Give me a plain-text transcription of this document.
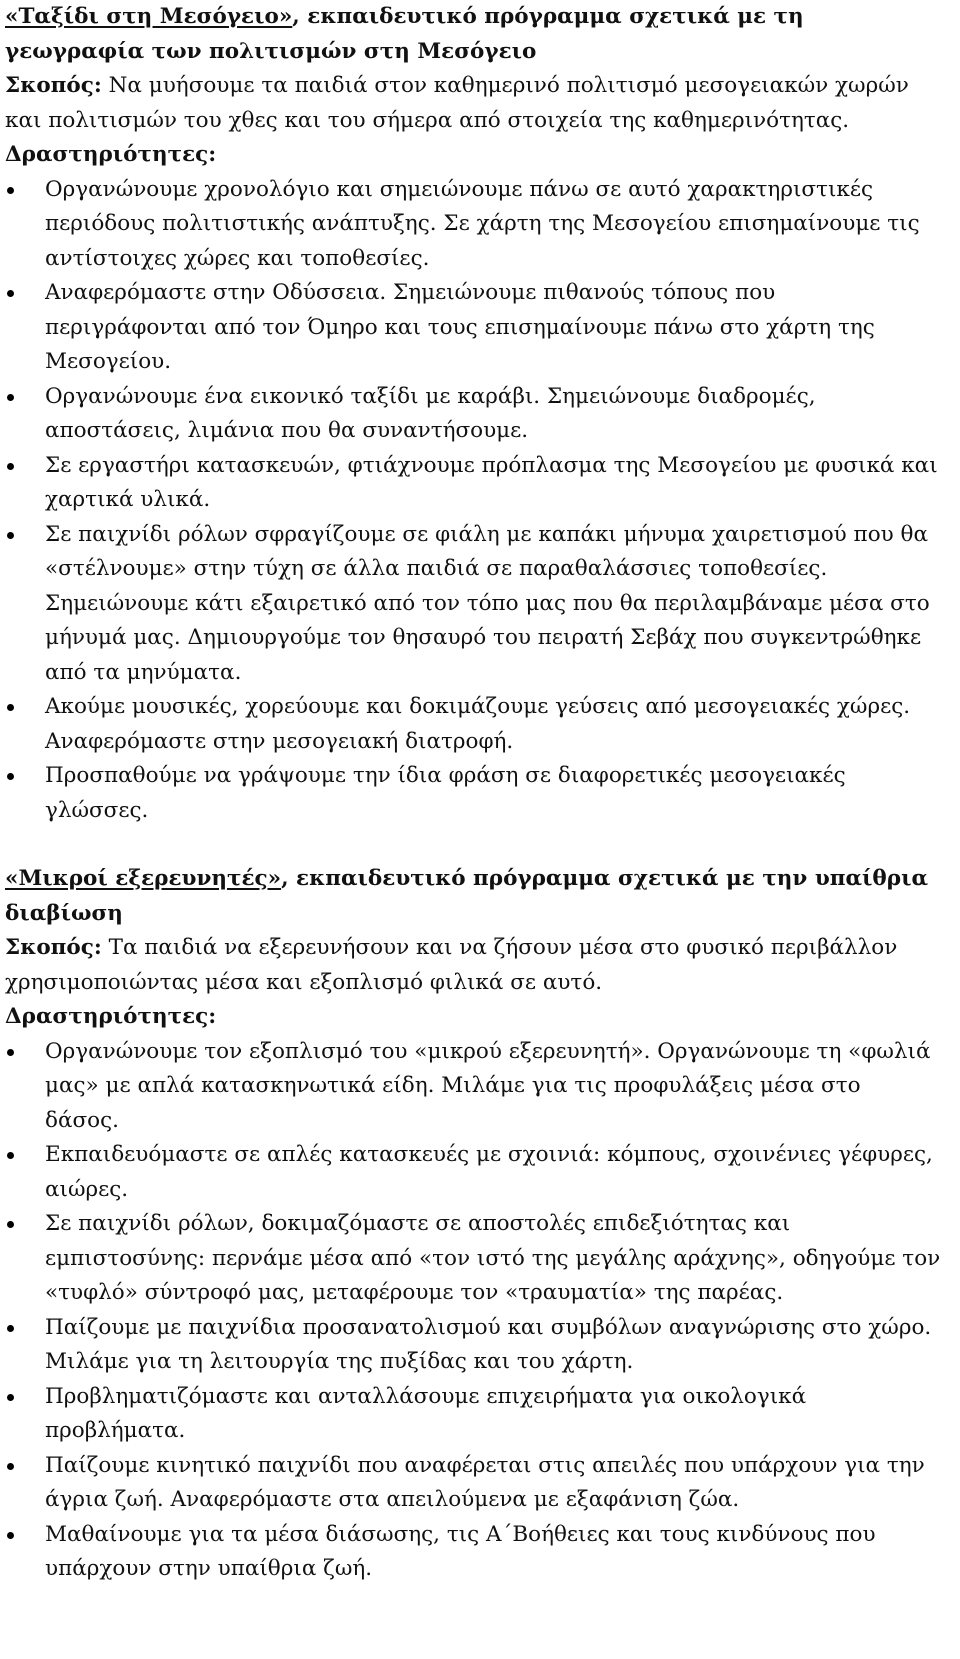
«Ταξίδι στη Μεσόγειο», εκπαιδευτικό πρόγραμμα σχετικά με τη γεωγραφία των πολιτισμών στη Μεσόγειο

Σκοπός: Να μυήσουμε τα παιδιά στον καθημερινό πολιτισμό μεσογειακών χωρών και πολιτισμών του χθες και του σήμερα από στοιχεία της καθημερινότητας.

Δραστηριότητες:

Οργανώνουμε χρονολόγιο και σημειώνουμε πάνω σε αυτό χαρακτηριστικές περιόδους πολιτιστικής ανάπτυξης. Σε χάρτη της Μεσογείου επισημαίνουμε τις αντίστοιχες χώρες και τοποθεσίες.
Αναφερόμαστε στην Οδύσσεια. Σημειώνουμε πιθανούς τόπους που περιγράφονται από τον Όμηρο και τους επισημαίνουμε πάνω στο χάρτη της Μεσογείου.
Οργανώνουμε ένα εικονικό ταξίδι με καράβι. Σημειώνουμε διαδρομές, αποστάσεις, λιμάνια που θα συναντήσουμε.
Σε εργαστήρι κατασκευών, φτιάχνουμε πρόπλασμα της Μεσογείου με φυσικά και χαρτικά υλικά.
Σε παιχνίδι ρόλων σφραγίζουμε σε φιάλη με καπάκι μήνυμα χαιρετισμού που θα «στέλνουμε» στην τύχη σε άλλα παιδιά σε παραθαλάσσιες τοποθεσίες. Σημειώνουμε κάτι εξαιρετικό από τον τόπο μας που θα περιλαμβάναμε μέσα στο μήνυμά μας. Δημιουργούμε τον θησαυρό του πειρατή Σεβάχ που συγκεντρώθηκε από τα μηνύματα.
Ακούμε μουσικές, χορεύουμε και δοκιμάζουμε γεύσεις από μεσογειακές χώρες. Αναφερόμαστε στην μεσογειακή διατροφή.
Προσπαθούμε να γράψουμε την ίδια φράση σε διαφορετικές μεσογειακές γλώσσες.

«Μικροί εξερευνητές», εκπαιδευτικό πρόγραμμα σχετικά με την υπαίθρια διαβίωση

Σκοπός: Τα παιδιά να εξερευνήσουν και να ζήσουν μέσα στο φυσικό περιβάλλον χρησιμοποιώντας μέσα και εξοπλισμό φιλικά σε αυτό.

Δραστηριότητες:

Οργανώνουμε τον εξοπλισμό του «μικρού εξερευνητή». Οργανώνουμε τη «φωλιά μας» με απλά κατασκηνωτικά είδη. Μιλάμε για τις προφυλάξεις μέσα στο δάσος.
Εκπαιδευόμαστε σε απλές κατασκευές με σχοινιά: κόμπους, σχοινένιες γέφυρες, αιώρες.
Σε παιχνίδι ρόλων, δοκιμαζόμαστε σε αποστολές επιδεξιότητας και εμπιστοσύνης: περνάμε μέσα από «τον ιστό της μεγάλης αράχνης», οδηγούμε τον «τυφλό» σύντροφό μας, μεταφέρουμε τον «τραυματία» της παρέας.
Παίζουμε με παιχνίδια προσανατολισμού και συμβόλων αναγνώρισης στο χώρο. Μιλάμε για τη λειτουργία της πυξίδας και του χάρτη.
Προβληματιζόμαστε και ανταλλάσουμε επιχειρήματα για οικολογικά προβλήματα.
Παίζουμε κινητικό παιχνίδι που αναφέρεται στις απειλές που υπάρχουν για την άγρια ζωή. Αναφερόμαστε στα απειλούμενα με εξαφάνιση ζώα.
Μαθαίνουμε για τα μέσα διάσωσης, τις Α΄Βοήθειες και τους κινδύνους που υπάρχουν στην υπαίθρια ζωή.
